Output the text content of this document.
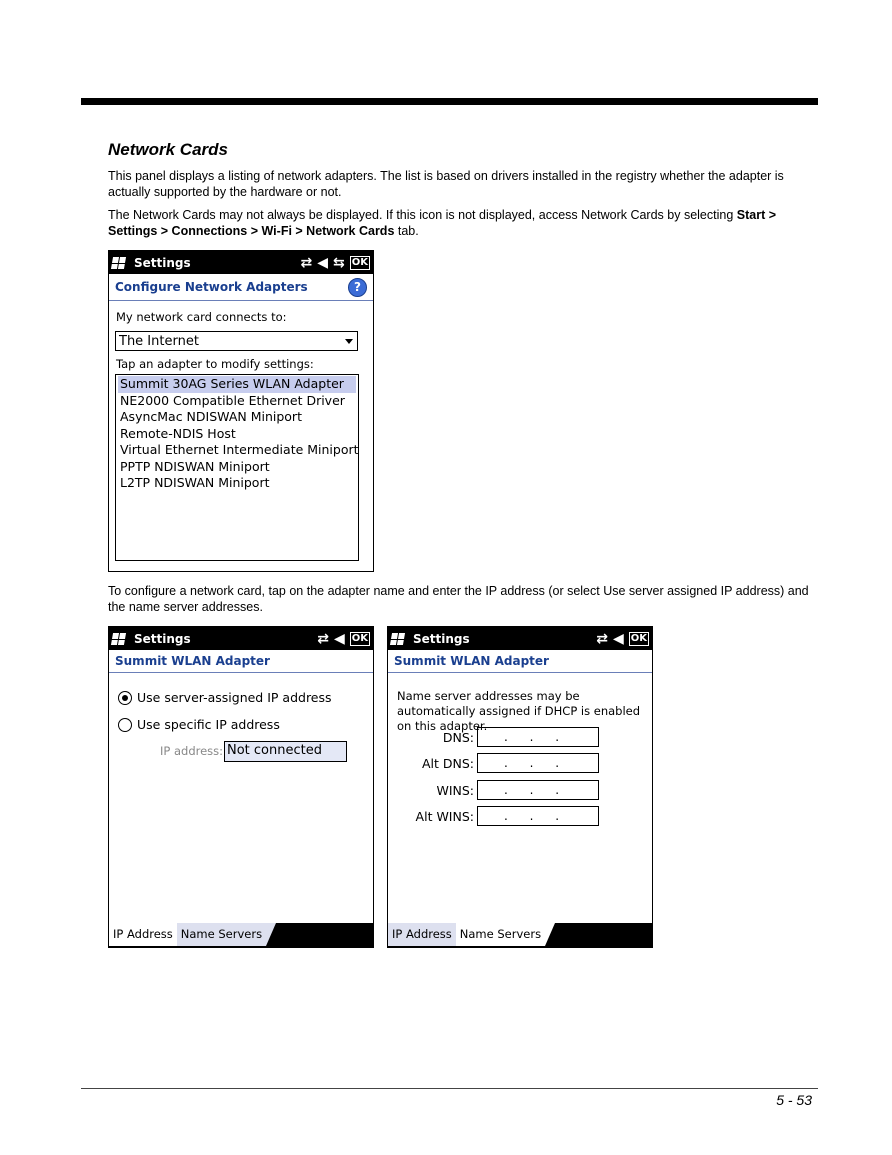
Network Cards

This panel displays a listing of network adapters. The list is based on drivers installed in the registry whether the adapter is actually supported by the hardware or not.

The Network Cards may not always be displayed. If this icon is not displayed, access Network Cards by selecting Start > Settings > Connections > Wi-Fi > Network Cards tab.

Settings	⇄ ◀ ⇆ OK
Configure Network Adapters	?
My network card connects to:
The Internet
Tap an adapter to modify settings:
Summit 30AG Series WLAN Adapter
NE2000 Compatible Ethernet Driver
AsyncMac NDISWAN Miniport
Remote-NDIS Host
Virtual Ethernet Intermediate Miniport
PPTP NDISWAN Miniport
L2TP NDISWAN Miniport

To configure a network card, tap on the adapter name and enter the IP address (or select Use server assigned IP address) and the name server addresses.

Settings	⇄ ◀ OK
Summit WLAN Adapter
Use server-assigned IP address
Use specific IP address
IP address: Not connected
IP Address Name Servers
Settings	⇄ ◀ OK
Summit WLAN Adapter
Name server addresses may be automatically assigned if DHCP is enabled on this adapter.
DNS:	. . .
Alt DNS:	. . .
WINS:	. . .
Alt WINS:	. . .
IP Address Name Servers
5 - 53
